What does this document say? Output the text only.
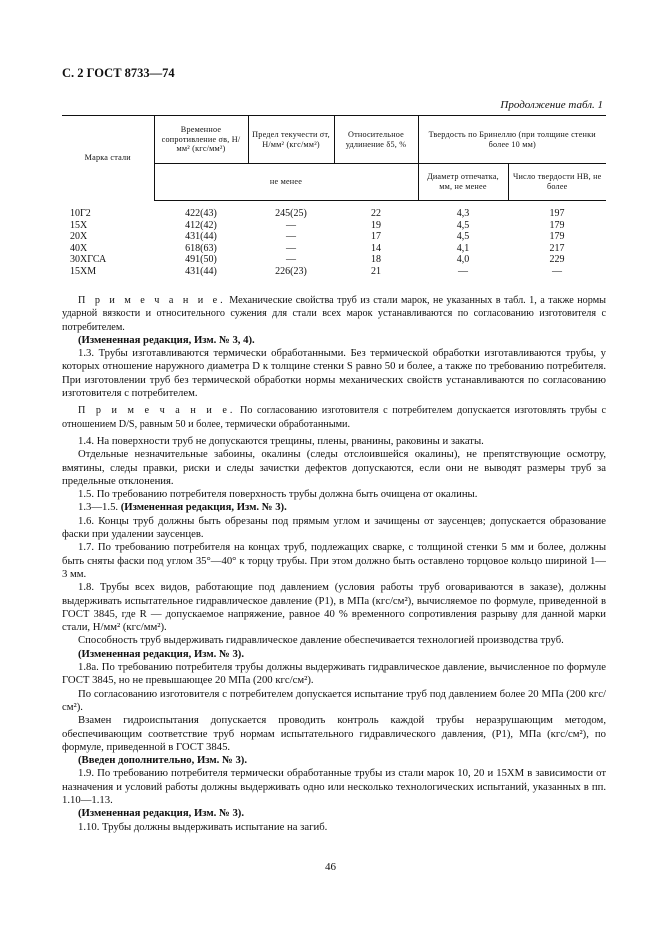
С. 2 ГОСТ 8733—74
Продолжение табл. 1
Марка стали	Временное сопротивление σв, Н/мм² (кгс/мм²)	Предел текучести σт, Н/мм² (кгс/мм²)	Относительное удлинение δ5, %	Твердость по Бринеллю (при толщине стенки более 10 мм)	
	не менее			Диаметр отпечатка, мм, не менее	Число твердости НВ, не более
10Г2	422(43)	245(25)	22	4,3	197
15Х	412(42)	—	19	4,5	179
20Х	431(44)	—	17	4,5	179
40Х	618(63)	—	14	4,1	217
30ХГСА	491(50)	—	18	4,0	229
15ХМ	431(44)	226(23)	21	—	—

П р и м е ч а н и е. Механические свойства труб из стали марок, не указанных в табл. 1, а также нормы ударной вязкости и относительного сужения для стали всех марок устанавливаются по согласованию изготовителя с потребителем.

(Измененная редакция, Изм. № 3, 4).

1.3. Трубы изготавливаются термически обработанными. Без термической обработки изготавливаются трубы, у которых отношение наружного диаметра D к толщине стенки S равно 50 и более, а также по требованию потребителя. При изготовлении труб без термической обработки нормы механических свойств устанавливаются по согласованию изготовителя с потребителем.

П р и м е ч а н и е. По согласованию изготовителя с потребителем допускается изготовлять трубы с отношением D/S, равным 50 и более, термически обработанными.

1.4. На поверхности труб не допускаются трещины, плены, рванины, раковины и закаты.

Отдельные незначительные забоины, окалины (следы отслоившейся окалины), не препятствующие осмотру, вмятины, следы правки, риски и следы зачистки дефектов допускаются, если они не выводят размеры труб за предельные отклонения.

1.5. По требованию потребителя поверхность трубы должна быть очищена от окалины.

1.3—1.5. (Измененная редакция, Изм. № 3).

1.6. Концы труб должны быть обрезаны под прямым углом и зачищены от заусенцев; допускается образование фаски при удалении заусенцев.

1.7. По требованию потребителя на концах труб, подлежащих сварке, с толщиной стенки 5 мм и более, должны быть сняты фаски под углом 35°—40° к торцу трубы. При этом должно быть оставлено торцовое кольцо шириной 1—3 мм.

1.8. Трубы всех видов, работающие под давлением (условия работы труб оговариваются в заказе), должны выдерживать испытательное гидравлическое давление (P1), в МПа (кгс/см²), вычисляемое по формуле, приведенной в ГОСТ 3845, где R — допускаемое напряжение, равное 40 % временного сопротивления разрыву для данной марки стали, Н/мм² (кгс/мм²).

Способность труб выдерживать гидравлическое давление обеспечивается технологией производства труб.

(Измененная редакция, Изм. № 3).

1.8а. По требованию потребителя трубы должны выдерживать гидравлическое давление, вычисленное по формуле ГОСТ 3845, но не превышающее 20 МПа (200 кгс/см²).

По согласованию изготовителя с потребителем допускается испытание труб под давлением более 20 МПа (200 кгс/см²).

Взамен гидроиспытания допускается проводить контроль каждой трубы неразрушающим методом, обеспечивающим соответствие труб нормам испытательного гидравлического давления, (P1), МПа (кгс/см²), по формуле, приведенной в ГОСТ 3845.

(Введен дополнительно, Изм. № 3).

1.9. По требованию потребителя термически обработанные трубы из стали марок 10, 20 и 15ХМ в зависимости от назначения и условий работы должны выдерживать одно или несколько технологических испытаний, указанных в пп. 1.10—1.13.

(Измененная редакция, Изм. № 3).

1.10. Трубы должны выдерживать испытание на загиб.

46
